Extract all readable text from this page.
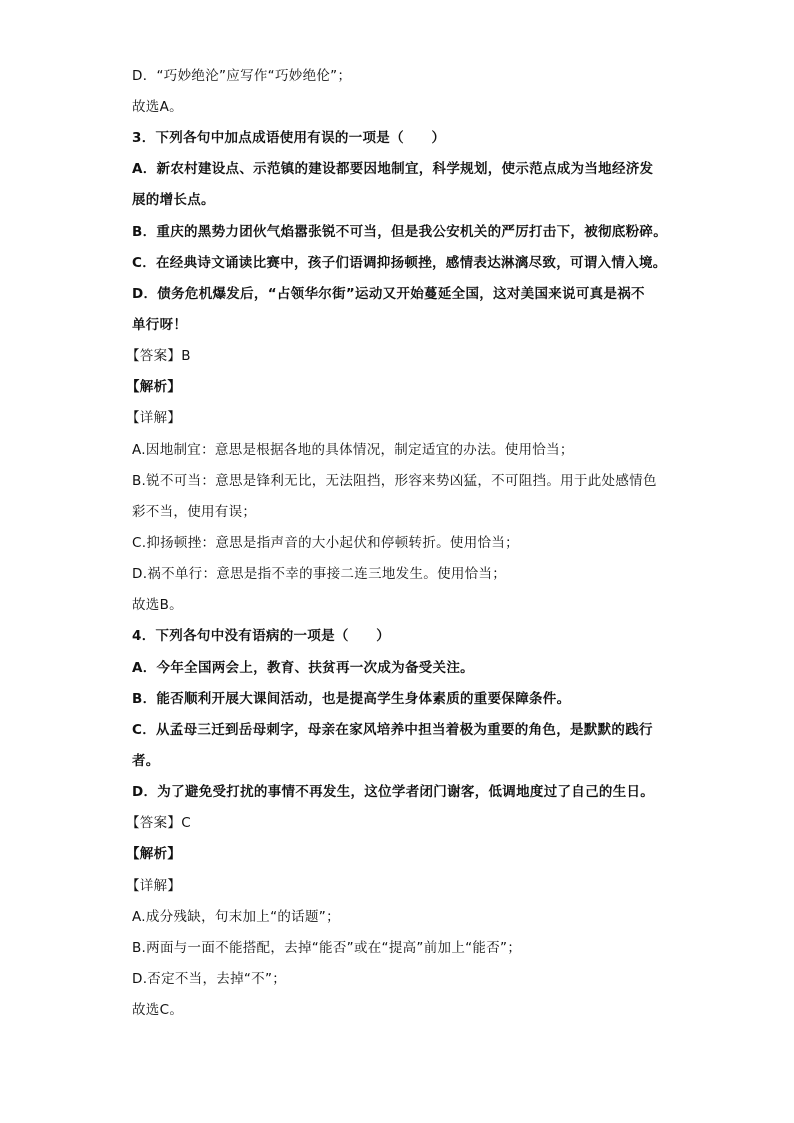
D．“巧妙绝沦”应写作“巧妙绝伦”；
故选A。
3．下列各句中加点成语使用有误的一项是（　　）
A．新农村建设点、示范镇的建设都要因地制宜，科学规划，使示范点成为当地经济发
展的增长点。
B．重庆的黑势力团伙气焰嚣张锐不可当，但是我公安机关的严厉打击下，被彻底粉碎。
C．在经典诗文诵读比赛中，孩子们语调抑扬顿挫，感情表达淋漓尽致，可谓入情入境。
D．债务危机爆发后，“占领华尔街”运动又开始蔓延全国，这对美国来说可真是祸不
单行呀！
【答案】B
【解析】
【详解】
A.因地制宜：意思是根据各地的具体情况，制定适宜的办法。使用恰当；
B.锐不可当：意思是锋利无比，无法阻挡，形容来势凶猛，不可阻挡。用于此处感情色
彩不当，使用有误；
C.抑扬顿挫：意思是指声音的大小起伏和停顿转折。使用恰当；
D.祸不单行：意思是指不幸的事接二连三地发生。使用恰当；
故选B。
4．下列各句中没有语病的一项是（　　）
A．今年全国两会上，教育、扶贫再一次成为备受关注。
B．能否顺利开展大课间活动，也是提高学生身体素质的重要保障条件。
C．从孟母三迁到岳母刺字，母亲在家风培养中担当着极为重要的角色，是默默的践行
者。
D．为了避免受打扰的事情不再发生，这位学者闭门谢客，低调地度过了自己的生日。
【答案】C
【解析】
【详解】
A.成分残缺，句末加上“的话题”；
B.两面与一面不能搭配，去掉“能否”或在“提高”前加上“能否”；
D.否定不当，去掉“不”；
故选C。
